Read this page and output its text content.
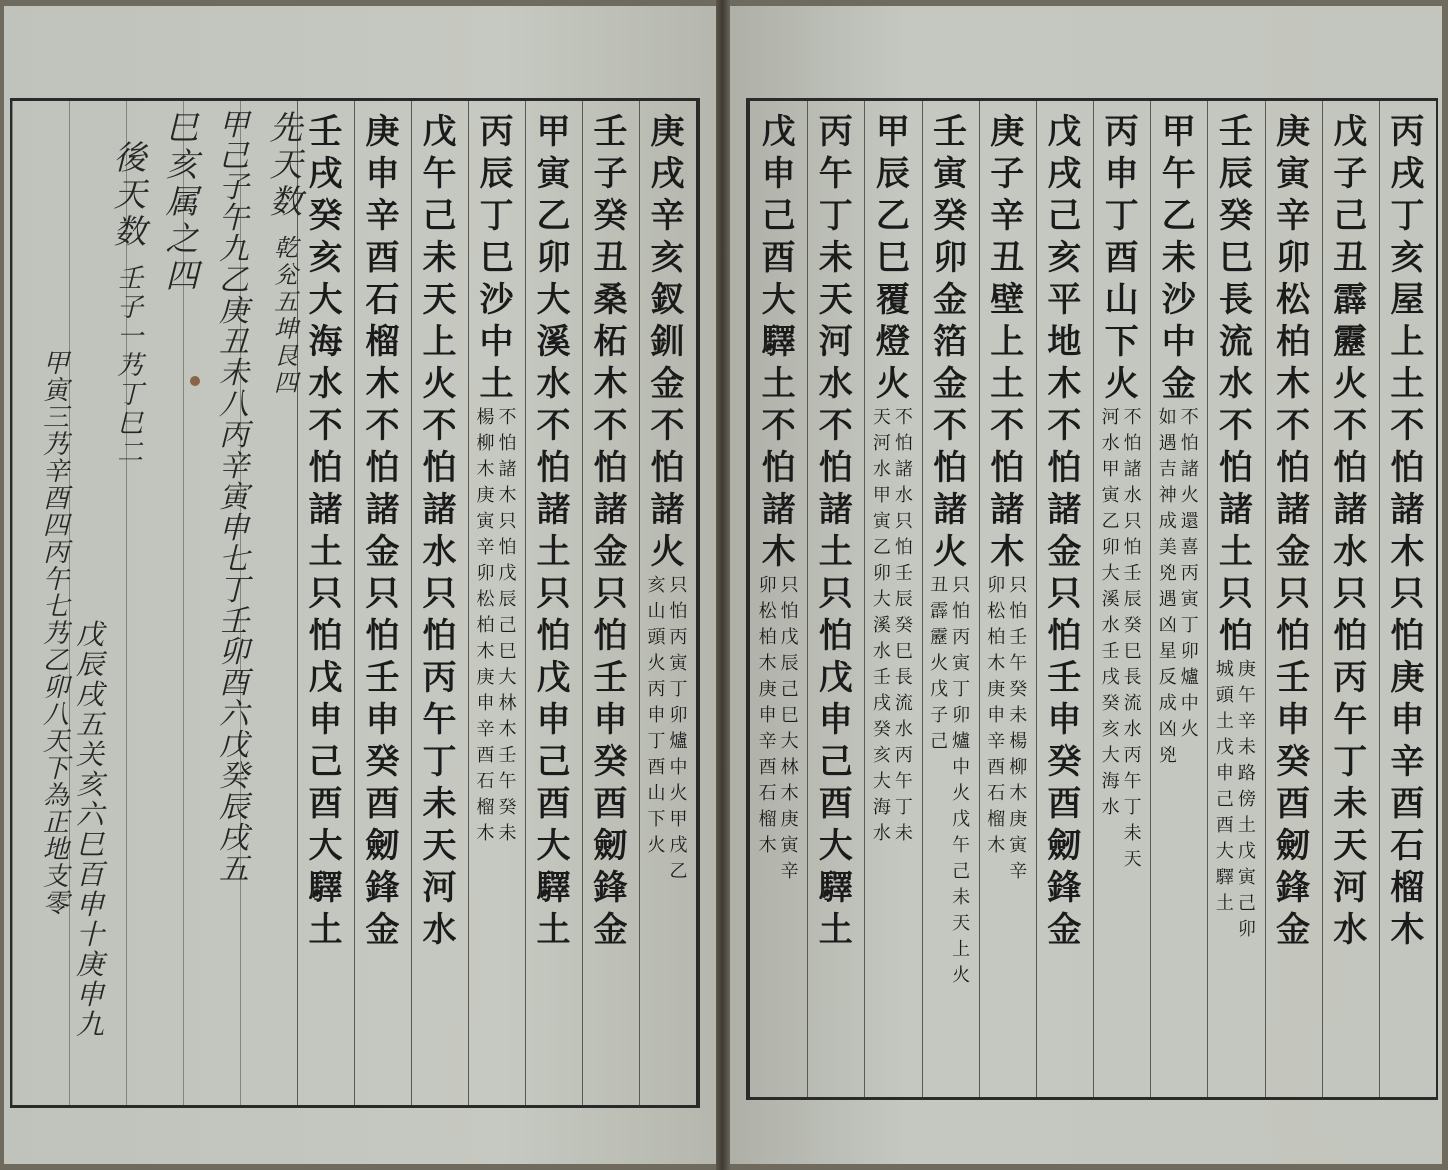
丙
戌
丁
亥
屋
上
土
不
怕
諸
木
只
怕
庚
申
辛
酉
石
榴
木
戊
子
己
丑
霹
靂
火
不
怕
諸
水
只
怕
丙
午
丁
未
天
河
水
庚
寅
辛
卯
松
柏
木
不
怕
諸
金
只
怕
壬
申
癸
酉
劒
鋒
金
壬
辰
癸
巳
長
流
水
不
怕
諸
土
只
怕
庚
午
辛
未
路
傍
土
戊
寅
己
卯
城
頭
土
戊
申
己
酉
大
驛
土
甲
午
乙
未
沙
中
金
不
怕
諸
火
還
喜
丙
寅
丁
卯
爐
中
火
如
遇
吉
神
成
美
兇
遇
凶
星
反
成
凶
兇
丙
申
丁
酉
山
下
火
不
怕
諸
水
只
怕
壬
辰
癸
巳
長
流
水
丙
午
丁
未
天
河
水
甲
寅
乙
卯
大
溪
水
壬
戌
癸
亥
大
海
水
戊
戌
己
亥
平
地
木
不
怕
諸
金
只
怕
壬
申
癸
酉
劒
鋒
金
庚
子
辛
丑
壁
上
土
不
怕
諸
木
只
怕
壬
午
癸
未
楊
柳
木
庚
寅
辛
卯
松
柏
木
庚
申
辛
酉
石
榴
木
壬
寅
癸
卯
金
箔
金
不
怕
諸
火
只
怕
丙
寅
丁
卯
爐
中
火
戊
午
己
未
天
上
火
丑
霹
靂
火
戊
子
己
甲
辰
乙
巳
覆
燈
火
不
怕
諸
水
只
怕
壬
辰
癸
巳
長
流
水
丙
午
丁
未
天
河
水
甲
寅
乙
卯
大
溪
水
壬
戌
癸
亥
大
海
水
丙
午
丁
未
天
河
水
不
怕
諸
土
只
怕
戊
申
己
酉
大
驛
土
戊
申
己
酉
大
驛
土
不
怕
諸
木
只
怕
戊
辰
己
巳
大
林
木
庚
寅
辛
卯
松
柏
木
庚
申
辛
酉
石
榴
木
庚
戌
辛
亥
釵
釧
金
不
怕
諸
火
只
怕
丙
寅
丁
卯
爐
中
火
甲
戌
乙
亥
山
頭
火
丙
申
丁
酉
山
下
火
壬
子
癸
丑
桑
柘
木
不
怕
諸
金
只
怕
壬
申
癸
酉
劒
鋒
金
甲
寅
乙
卯
大
溪
水
不
怕
諸
土
只
怕
戊
申
己
酉
大
驛
土
丙
辰
丁
巳
沙
中
土
不
怕
諸
木
只
怕
戊
辰
己
巳
大
林
木
壬
午
癸
未
楊
柳
木
庚
寅
辛
卯
松
柏
木
庚
申
辛
酉
石
榴
木
戊
午
己
未
天
上
火
不
怕
諸
水
只
怕
丙
午
丁
未
天
河
水
庚
申
辛
酉
石
榴
木
不
怕
諸
金
只
怕
壬
申
癸
酉
劒
鋒
金
壬
戌
癸
亥
大
海
水
不
怕
諸
土
只
怕
戊
申
己
酉
大
驛
土
先
天
数
乾
兊
五
坤
艮
四
甲
己
子
午
九
乙
庚
丑
未
八
丙
辛
寅
申
七
丁
壬
卯
酉
六
戊
癸
辰
戌
五
巳
亥
属
之
四
後
天
数
壬
子
一
艿
丁
巳
二
戊
辰
戌
五
关
亥
六
巳
百
申
十
庚
申
九
甲
寅
三
艿
辛
酉
四
丙
午
七
艿
乙
卯
八
天
下
為
正
地
支
零
